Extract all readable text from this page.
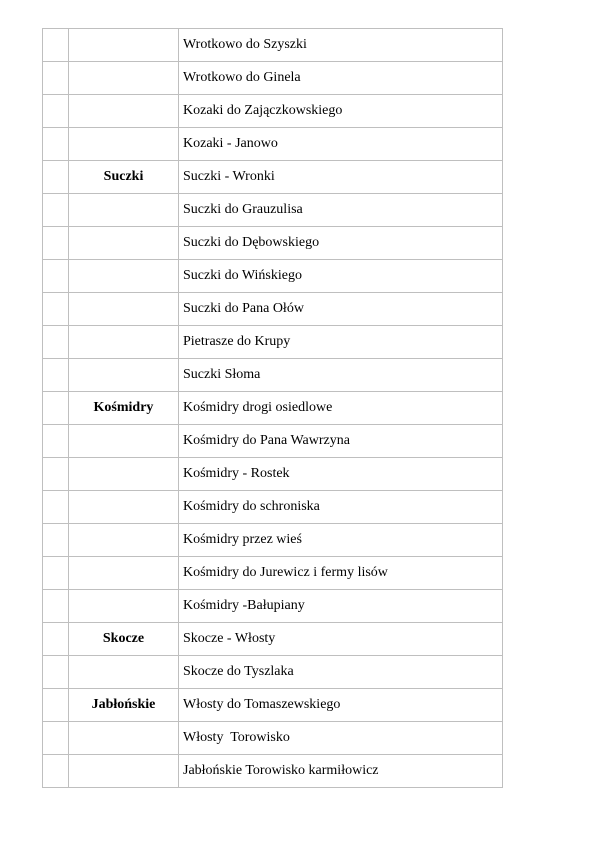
		Wrotkowo do Szyszki
		Wrotkowo do Ginela
		Kozaki do Zajączkowskiego
		Kozaki - Janowo
	Suczki	Suczki - Wronki
		Suczki do Grauzulisa
		Suczki do Dębowskiego
		Suczki do Wińskiego
		Suczki do Pana Ołów
		Pietrasze do Krupy
		Suczki Słoma
	Kośmidry	Kośmidry drogi osiedlowe
		Kośmidry do Pana Wawrzyna
		Kośmidry - Rostek
		Kośmidry do schroniska
		Kośmidry przez wieś
		Kośmidry do Jurewicz i fermy lisów
		Kośmidry -Bałupiany
	Skocze	Skocze - Włosty
		Skocze do Tyszlaka
	Jabłońskie	Włosty do Tomaszewskiego
		Włosty  Torowisko
		Jabłońskie Torowisko karmiłowicz
